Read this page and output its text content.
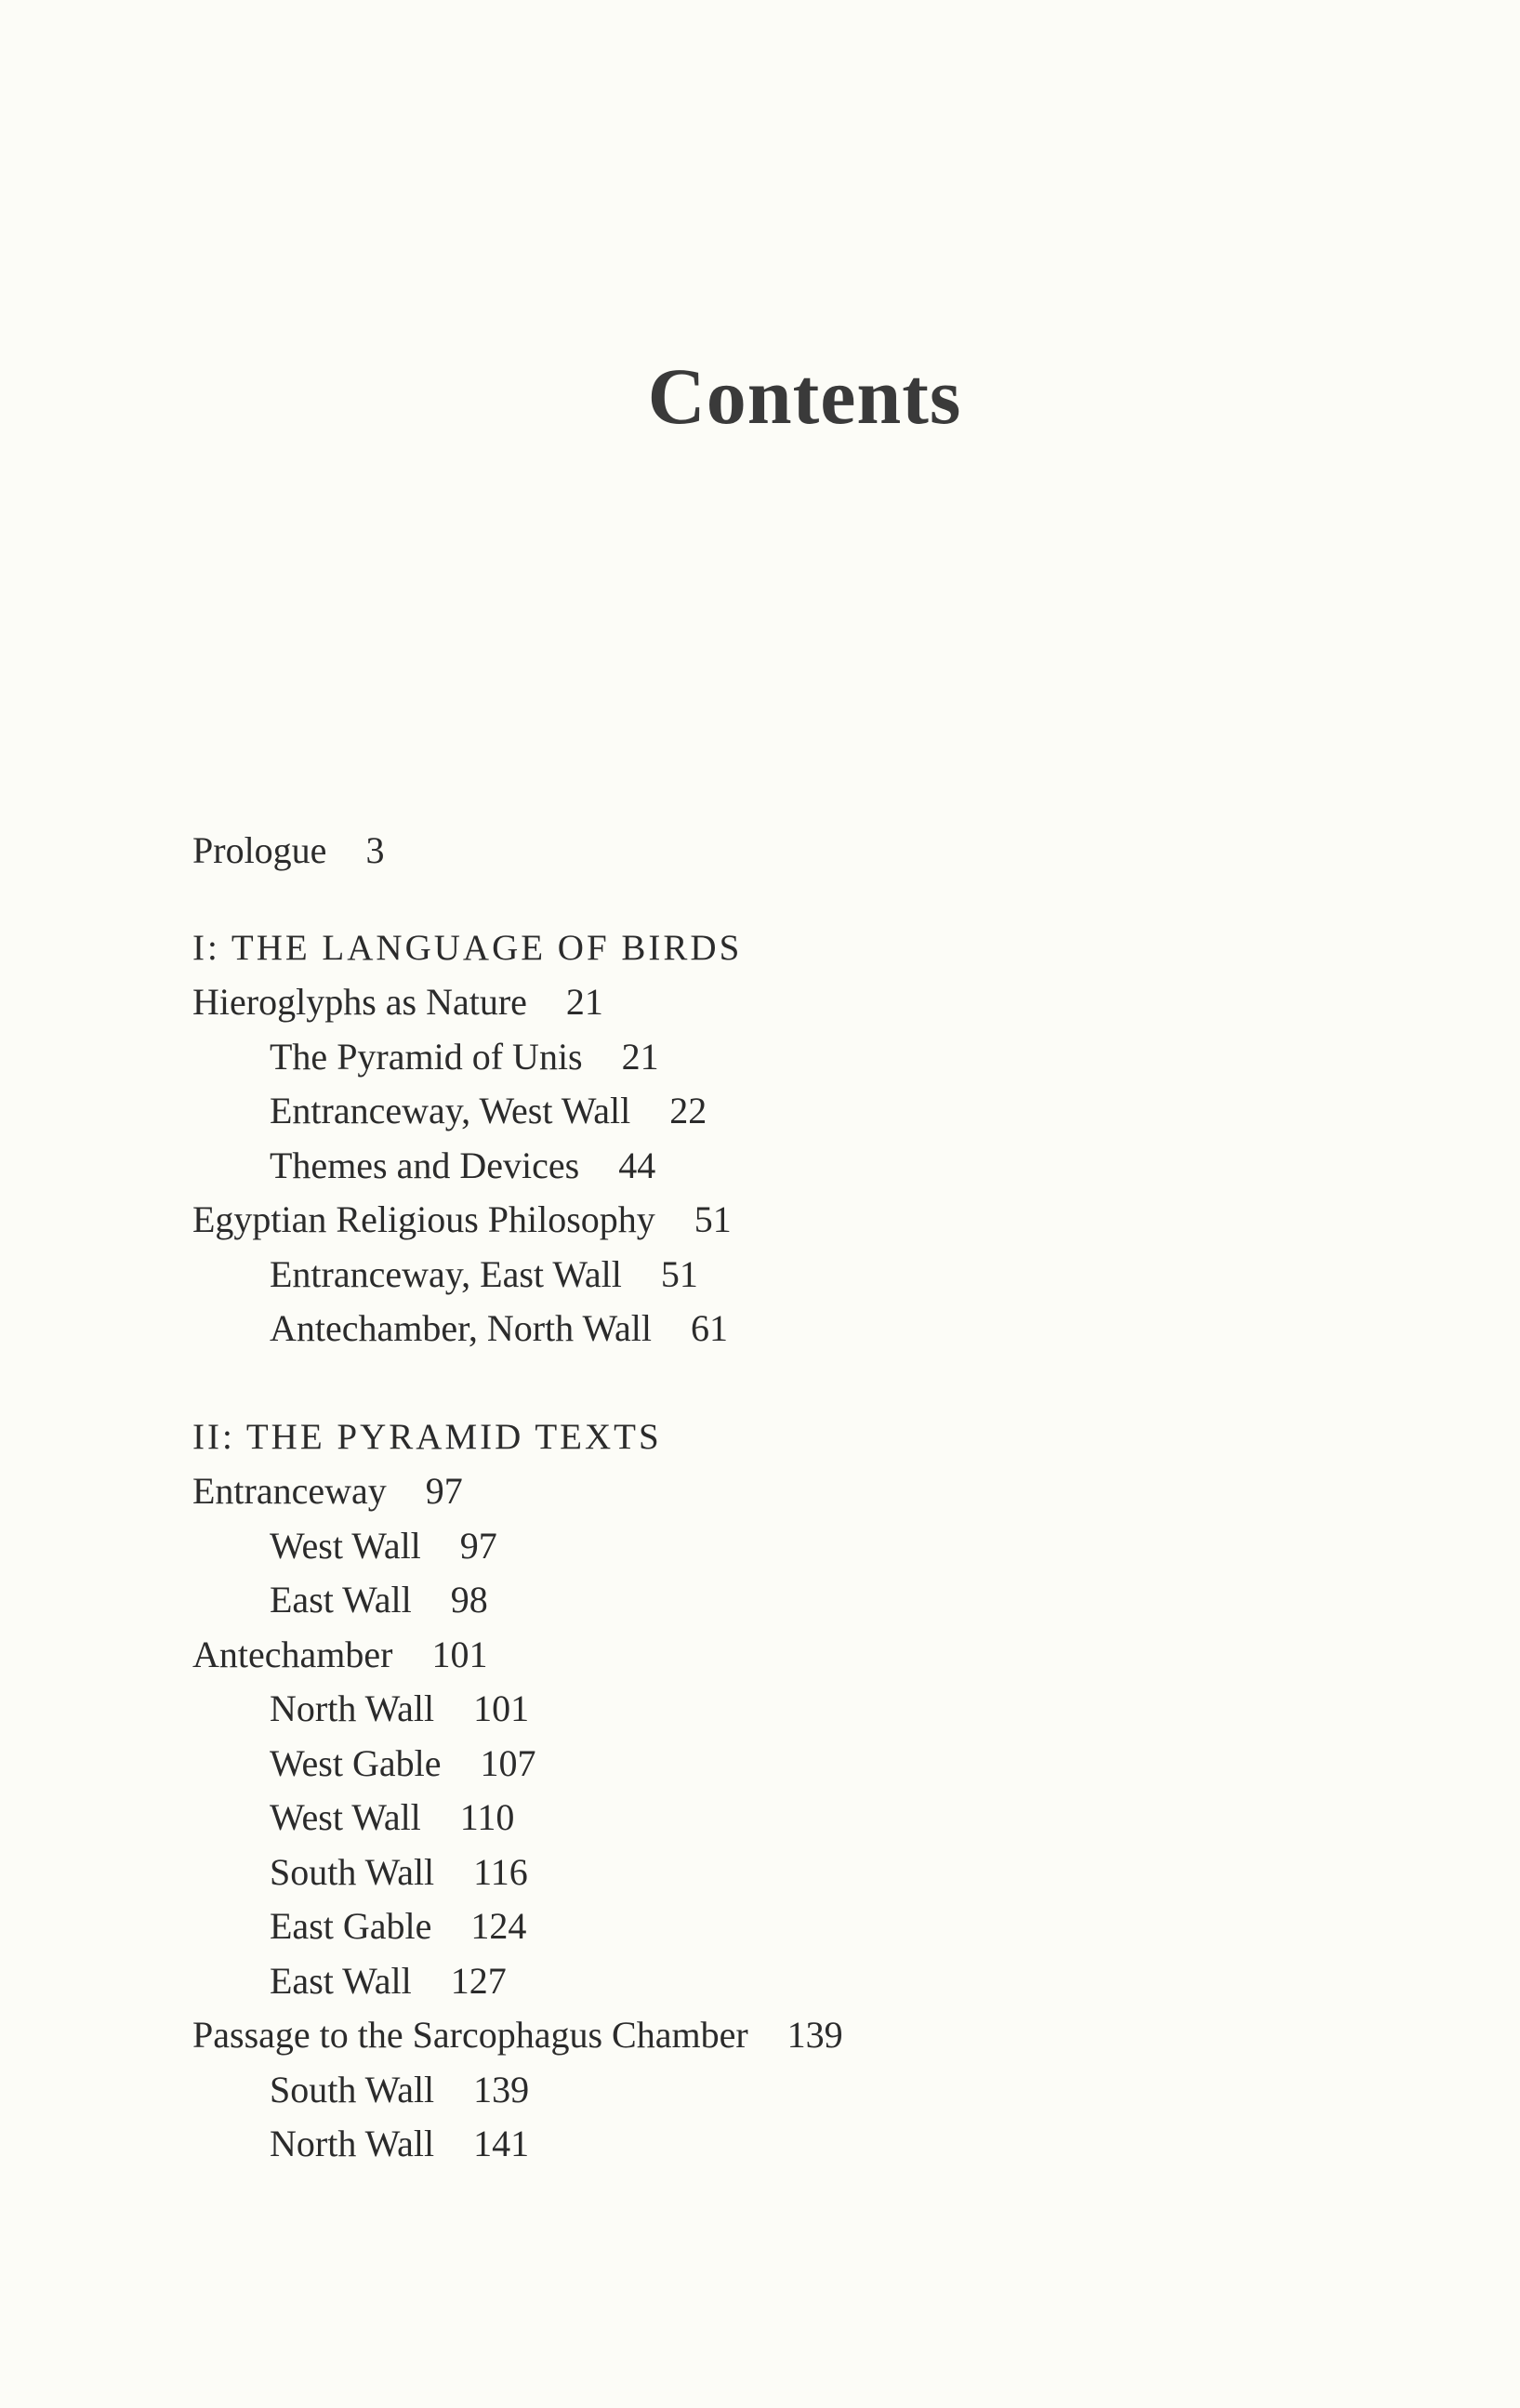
Contents
Prologue 3
I: THE LANGUAGE OF BIRDS
Hieroglyphs as Nature 21
The Pyramid of Unis 21
Entranceway, West Wall 22
Themes and Devices 44
Egyptian Religious Philosophy 51
Entranceway, East Wall 51
Antechamber, North Wall 61
II: THE PYRAMID TEXTS
Entranceway 97
West Wall 97
East Wall 98
Antechamber 101
North Wall 101
West Gable 107
West Wall 110
South Wall 116
East Gable 124
East Wall 127
Passage to the Sarcophagus Chamber 139
South Wall 139
North Wall 141
